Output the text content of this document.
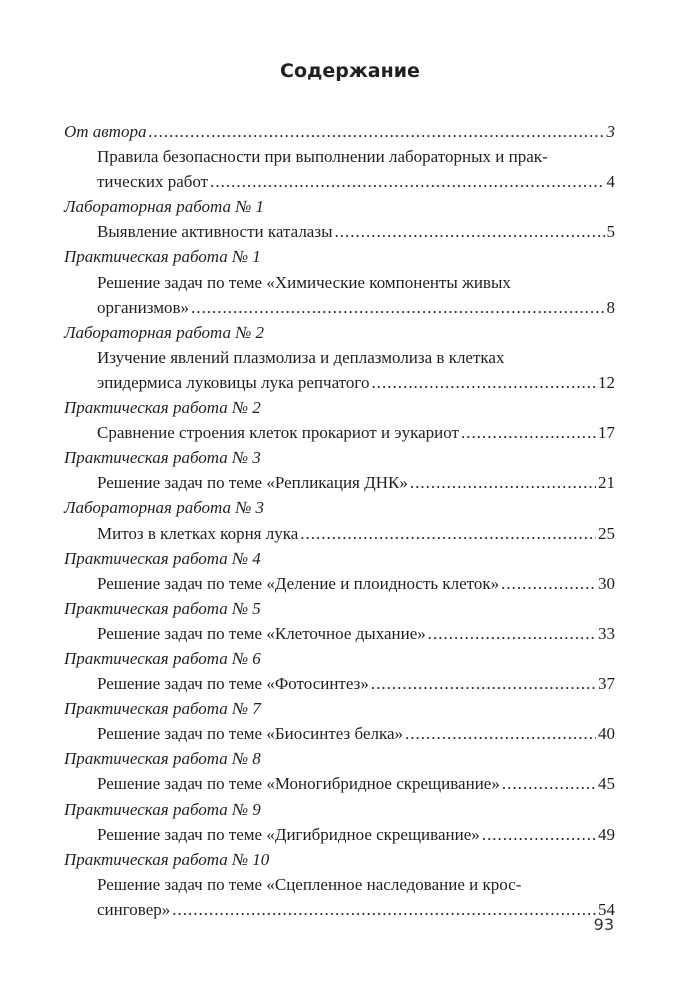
Содержание
От автора .....	3
Правила безопасности при выполнении лабораторных и прак-
тических работ .....	4
Лабораторная работа № 1
Выявление активности каталазы .....	5
Практическая работа № 1
Решение задач по теме «Химические компоненты живых
организмов» .....	8
Лабораторная работа № 2
Изучение явлений плазмолиза и деплазмолиза в клетках
эпидермиса луковицы лука репчатого .....	12
Практическая работа № 2
Сравнение строения клеток прокариот и эукариот .....	17
Практическая работа № 3
Решение задач по теме «Репликация ДНК» .....	21
Лабораторная работа № 3
Митоз в клетках корня лука .....	25
Практическая работа № 4
Решение задач по теме «Деление и плоидность клеток» .....	30
Практическая работа № 5
Решение задач по теме «Клеточное дыхание» .....	33
Практическая работа № 6
Решение задач по теме «Фотосинтез» .....	37
Практическая работа № 7
Решение задач по теме «Биосинтез белка» .....	40
Практическая работа № 8
Решение задач по теме «Моногибридное скрещивание» .....	45
Практическая работа № 9
Решение задач по теме «Дигибридное скрещивание» .....	49
Практическая работа № 10
Решение задач по теме «Сцепленное наследование и крос-
синговер» .....	54
93
